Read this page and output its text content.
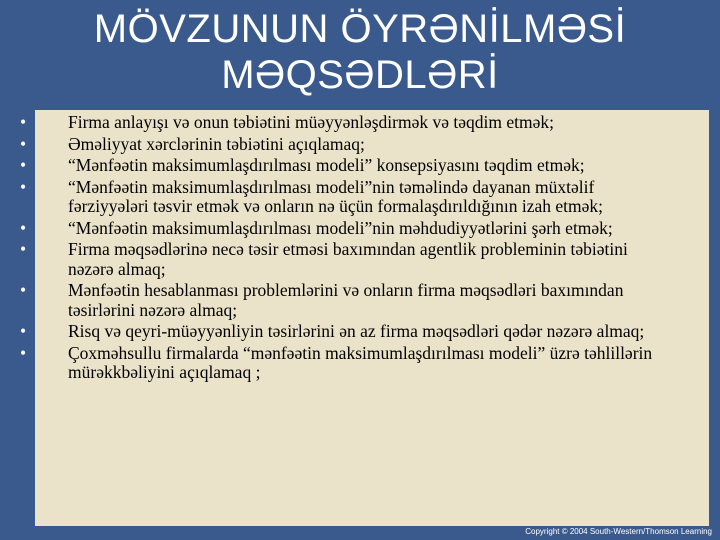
MÖVZUNUN ÖYRƏNİLMƏSİ
MƏQSƏDLƏRİ
•	Firma anlayışı və onun təbiətini müəyyənləşdirmək və təqdim etmək;
•	Əməliyyat xərclərinin təbiətini açıqlamaq;
•	“Mənfəətin maksimumlaşdırılması modeli” konsepsiyasını təqdim etmək;
•	“Mənfəətin maksimumlaşdırılması modeli”nin təməlində dayanan müxtəlif fərziyyələri təsvir etmək və onların nə üçün formalaşdırıldığının izah etmək;
•	“Mənfəətin maksimumlaşdırılması modeli”nin məhdudiyyətlərini şərh etmək;
•	Firma məqsədlərinə necə təsir etməsi baxımından agentlik probleminin təbiətini nəzərə almaq;
•	Mənfəətin hesablanması problemlərini və onların firma məqsədləri baxımından təsirlərini nəzərə almaq;
•	Risq və qeyri-müəyyənliyin təsirlərini ən az firma məqsədləri qədər nəzərə almaq;
•	Çoxməhsullu firmalarda “mənfəətin maksimumlaşdırılması modeli” üzrə təhlillərin mürəkkbəliyini açıqlamaq ;
Copyright © 2004 South-Western/Thomson Learning
